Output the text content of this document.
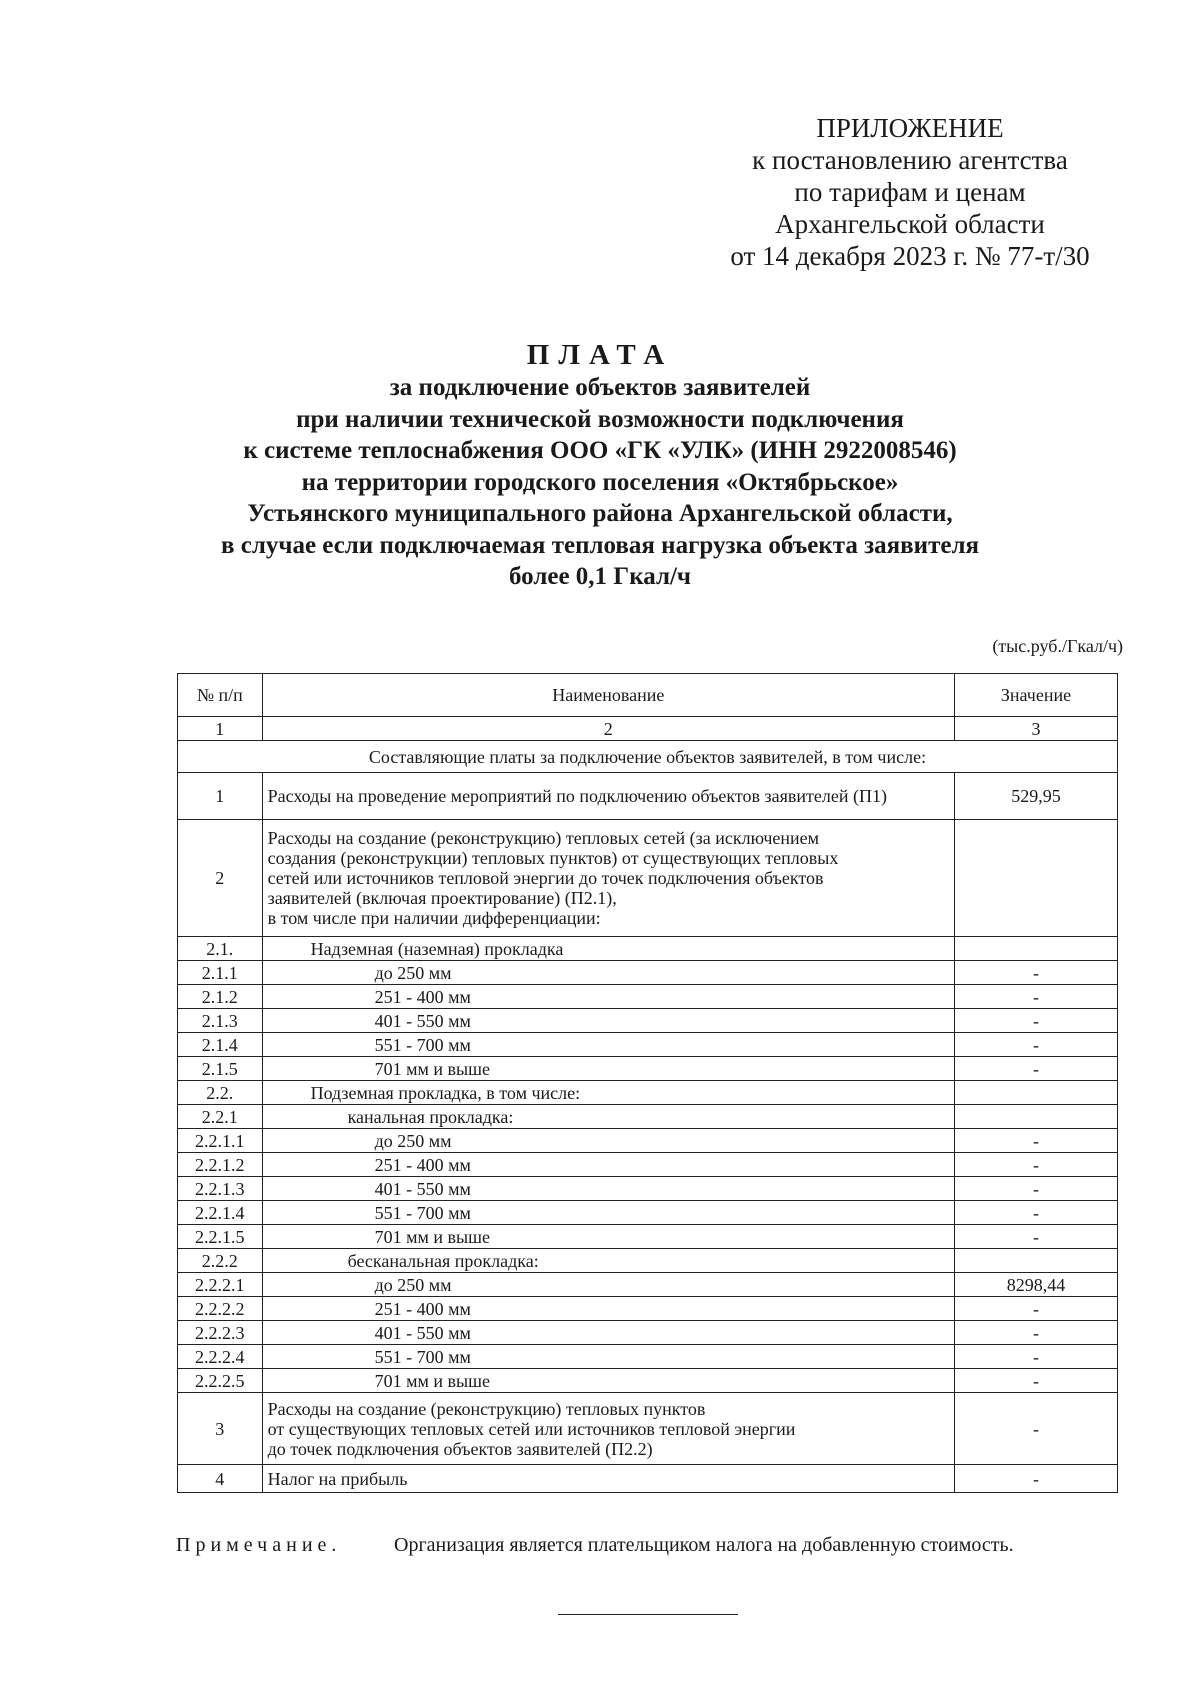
ПРИЛОЖЕНИЕ
к постановлению агентства
по тарифам и ценам
Архангельской области
от 14 декабря 2023 г. № 77-т/30
ПЛАТА
за подключение объектов заявителей
при наличии технической возможности подключения
к системе теплоснабжения ООО «ГК «УЛК» (ИНН 2922008546)
на территории городского поселения «Октябрьское»
Устьянского муниципального района Архангельской области,
в случае если подключаемая тепловая нагрузка объекта заявителя
более 0,1 Гкал/ч
(тыс.руб./Гкал/ч)
№ п/п	Наименование	Значение
1	2	3
Составляющие платы за подключение объектов заявителей, в том числе:		
1	Расходы на проведение мероприятий по подключению объектов заявителей (П1)	529,95
2	Расходы на создание (реконструкцию) тепловых сетей (за исключением
создания (реконструкции) тепловых пунктов) от существующих тепловых
сетей или источников тепловой энергии до точек подключения объектов
заявителей (включая проектирование) (П2.1),
в том числе при наличии дифференциации:	

2.1.	Надземная (наземная) прокладка	
2.1.1	до 250 мм	-
2.1.2	251 - 400 мм	-
2.1.3	401 - 550 мм	-
2.1.4	551 - 700 мм	-
2.1.5	701 мм и выше	-
2.2.	Подземная прокладка, в том числе:	
2.2.1	канальная прокладка:	
2.2.1.1	до 250 мм	-
2.2.1.2	251 - 400 мм	-
2.2.1.3	401 - 550 мм	-
2.2.1.4	551 - 700 мм	-
2.2.1.5	701 мм и выше	-
2.2.2	бесканальная прокладка:	
2.2.2.1	до 250 мм	8298,44
2.2.2.2	251 - 400 мм	-
2.2.2.3	401 - 550 мм	-
2.2.2.4	551 - 700 мм	-
2.2.2.5	701 мм и выше	-
3	Расходы на создание (реконструкцию) тепловых пунктов
от существующих тепловых сетей или источников тепловой энергии
до точек подключения объектов заявителей (П2.2)	-
4	Налог на прибыль	-
Примечание.	Организация является плательщиком налога на добавленную стоимость.
